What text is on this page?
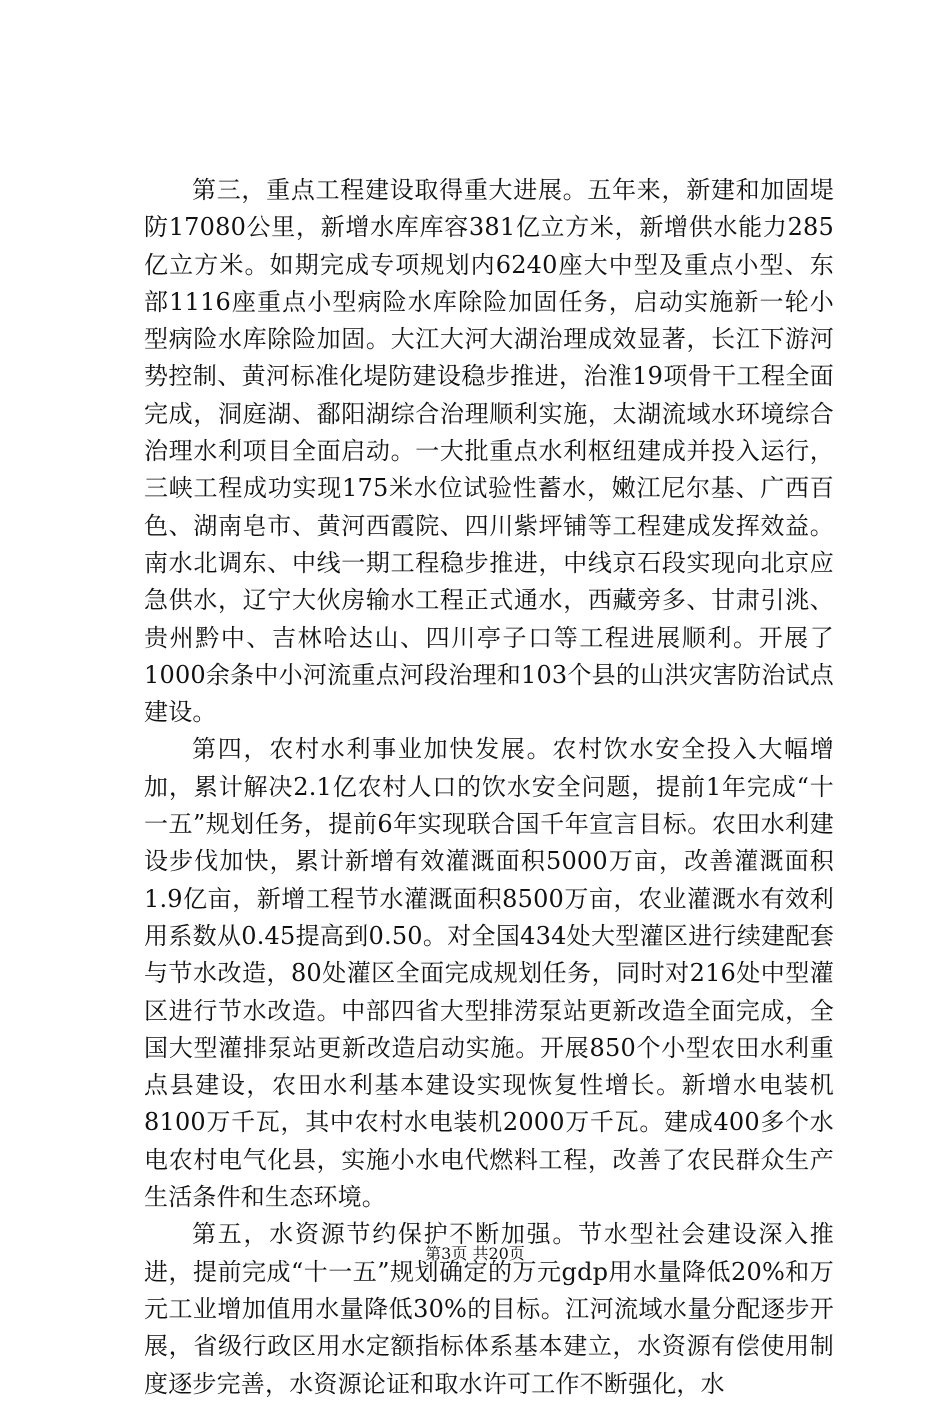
第三，重点工程建设取得重大进展。五年来，新建和加固堤防17080公里，新增水库库容381亿立方米，新增供水能力285亿立方米。如期完成专项规划内6240座大中型及重点小型、东部1116座重点小型病险水库除险加固任务，启动实施新一轮小型病险水库除险加固。大江大河大湖治理成效显著，长江下游河势控制、黄河标准化堤防建设稳步推进，治淮19项骨干工程全面完成，洞庭湖、鄱阳湖综合治理顺利实施，太湖流域水环境综合治理水利项目全面启动。一大批重点水利枢纽建成并投入运行，三峡工程成功实现175米水位试验性蓄水，嫩江尼尔基、广西百色、湖南皂市、黄河西霞院、四川紫坪铺等工程建成发挥效益。南水北调东、中线一期工程稳步推进，中线京石段实现向北京应急供水，辽宁大伙房输水工程正式通水，西藏旁多、甘肃引洮、贵州黔中、吉林哈达山、四川亭子口等工程进展顺利。开展了1000余条中小河流重点河段治理和103个县的山洪灾害防治试点建设。

第四，农村水利事业加快发展。农村饮水安全投入大幅增加，累计解决2.1亿农村人口的饮水安全问题，提前1年完成“十一五”规划任务，提前6年实现联合国千年宣言目标。农田水利建设步伐加快，累计新增有效灌溉面积5000万亩，改善灌溉面积1.9亿亩，新增工程节水灌溉面积8500万亩，农业灌溉水有效利用系数从0.45提高到0.50。对全国434处大型灌区进行续建配套与节水改造，80处灌区全面完成规划任务，同时对216处中型灌区进行节水改造。中部四省大型排涝泵站更新改造全面完成，全国大型灌排泵站更新改造启动实施。开展850个小型农田水利重点县建设，农田水利基本建设实现恢复性增长。新增水电装机8100万千瓦，其中农村水电装机2000万千瓦。建成400多个水电农村电气化县，实施小水电代燃料工程，改善了农民群众生产生活条件和生态环境。

第五，水资源节约保护不断加强。节水型社会建设深入推进，提前完成“十一五”规划确定的万元gdp用水量降低20%和万元工业增加值用水量降低30%的目标。江河流域水量分配逐步开展，省级行政区用水定额指标体系基本建立，水资源有偿使用制度逐步完善，水资源论证和取水许可工作不断强化，水

第3页 共20页
